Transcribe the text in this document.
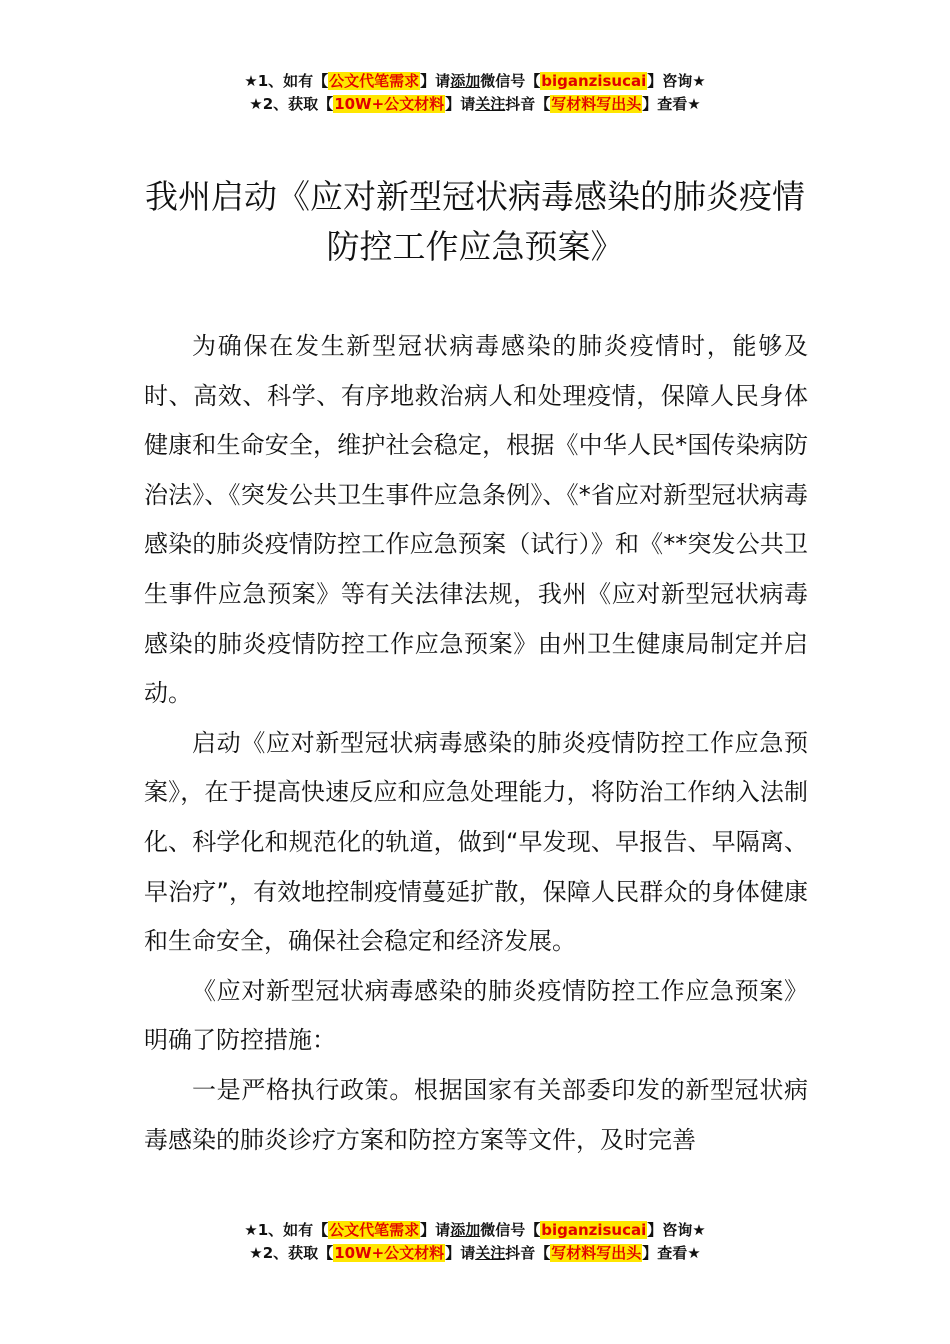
★1、如有【公文代笔需求】请添加微信号【biganzisucai】咨询★
★2、获取【10W+公文材料】请关注抖音【写材料写出头】查看★
我州启动《应对新型冠状病毒感染的肺炎疫情防控工作应急预案》

为确保在发生新型冠状病毒感染的肺炎疫情时，能够及时、高效、科学、有序地救治病人和处理疫情，保障人民身体健康和生命安全，维护社会稳定，根据《中华人民*国传染病防治法》、《突发公共卫生事件应急条例》、《*省应对新型冠状病毒感染的肺炎疫情防控工作应急预案（试行）》和《**突发公共卫生事件应急预案》等有关法律法规，我州《应对新型冠状病毒感染的肺炎疫情防控工作应急预案》由州卫生健康局制定并启动。

启动《应对新型冠状病毒感染的肺炎疫情防控工作应急预案》，在于提高快速反应和应急处理能力，将防治工作纳入法制化、科学化和规范化的轨道，做到“早发现、早报告、早隔离、早治疗”，有效地控制疫情蔓延扩散，保障人民群众的身体健康和生命安全，确保社会稳定和经济发展。

《应对新型冠状病毒感染的肺炎疫情防控工作应急预案》明确了防控措施：

一是严格执行政策。根据国家有关部委印发的新型冠状病毒感染的肺炎诊疗方案和防控方案等文件，及时完善

★1、如有【公文代笔需求】请添加微信号【biganzisucai】咨询★
★2、获取【10W+公文材料】请关注抖音【写材料写出头】查看★
